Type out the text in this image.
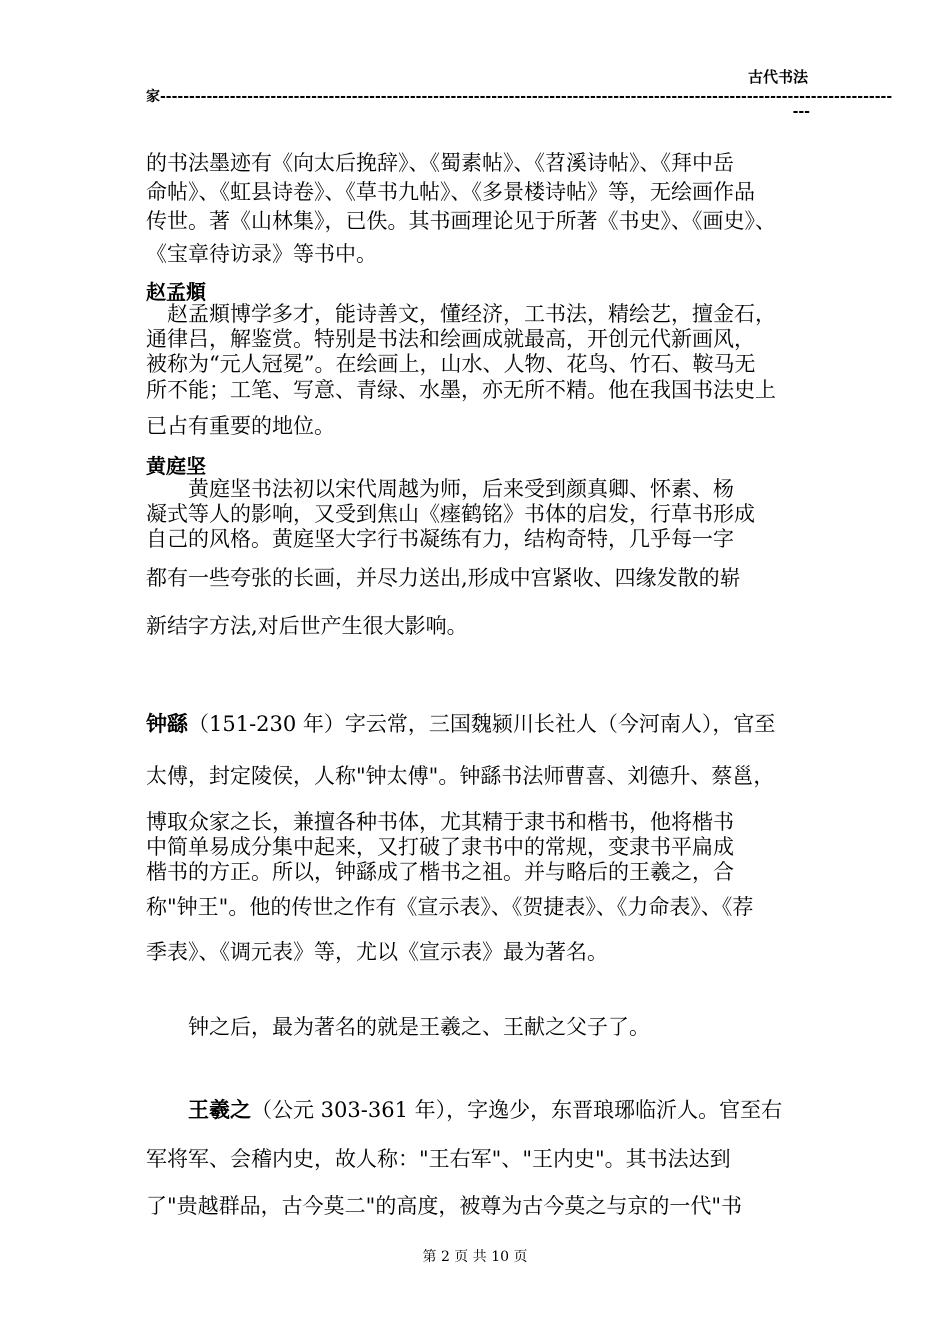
古代书法
家------------------------------------------------------------------------------------------------------------------------------
---
的书法墨迹有《向太后挽辞》、《蜀素帖》、《苕溪诗帖》、《拜中岳
命帖》、《虹县诗卷》、《草书九帖》、《多景楼诗帖》等，无绘画作品
传世。著《山林集》，已佚。其书画理论见于所著《书史》、《画史》、
《宝章待访录》等书中。
赵孟頫
　赵孟頫博学多才，能诗善文，懂经济，工书法，精绘艺，擅金石，
通律吕，解鉴赏。特别是书法和绘画成就最高，开创元代新画风，
被称为“元人冠冕”。在绘画上，山水、人物、花鸟、竹石、鞍马无
所不能；工笔、写意、青绿、水墨，亦无所不精。他在我国书法史上
已占有重要的地位。
黄庭坚
　　黄庭坚书法初以宋代周越为师，后来受到颜真卿、怀素、杨
凝式等人的影响，又受到焦山《瘗鹤铭》书体的启发，行草书形成
自己的风格。黄庭坚大字行书凝练有力，结构奇特，几乎每一字
都有一些夸张的长画，并尽力送出,形成中宫紧收、四缘发散的崭
新结字方法,对后世产生很大影响。
钟繇（151-230 年）字云常，三国魏颍川长社人（今河南人），官至
太傅，封定陵侯，人称"钟太傅"。钟繇书法师曹喜、刘德升、蔡邕，
博取众家之长，兼擅各种书体，尤其精于隶书和楷书，他将楷书
中简单易成分集中起来，又打破了隶书中的常规，变隶书平扁成
楷书的方正。所以，钟繇成了楷书之祖。并与略后的王羲之，合
称"钟王"。他的传世之作有《宣示表》、《贺捷表》、《力命表》、《荐
季表》、《调元表》等，尤以《宣示表》最为著名。
　　钟之后，最为著名的就是王羲之、王献之父子了。
　　王羲之（公元 303-361 年），字逸少，东晋琅琊临沂人。官至右
军将军、会稽内史，故人称："王右军"、"王内史"。其书法达到
了"贵越群品，古今莫二"的高度，被尊为古今莫之与京的一代"书
第 2 页 共 10 页
